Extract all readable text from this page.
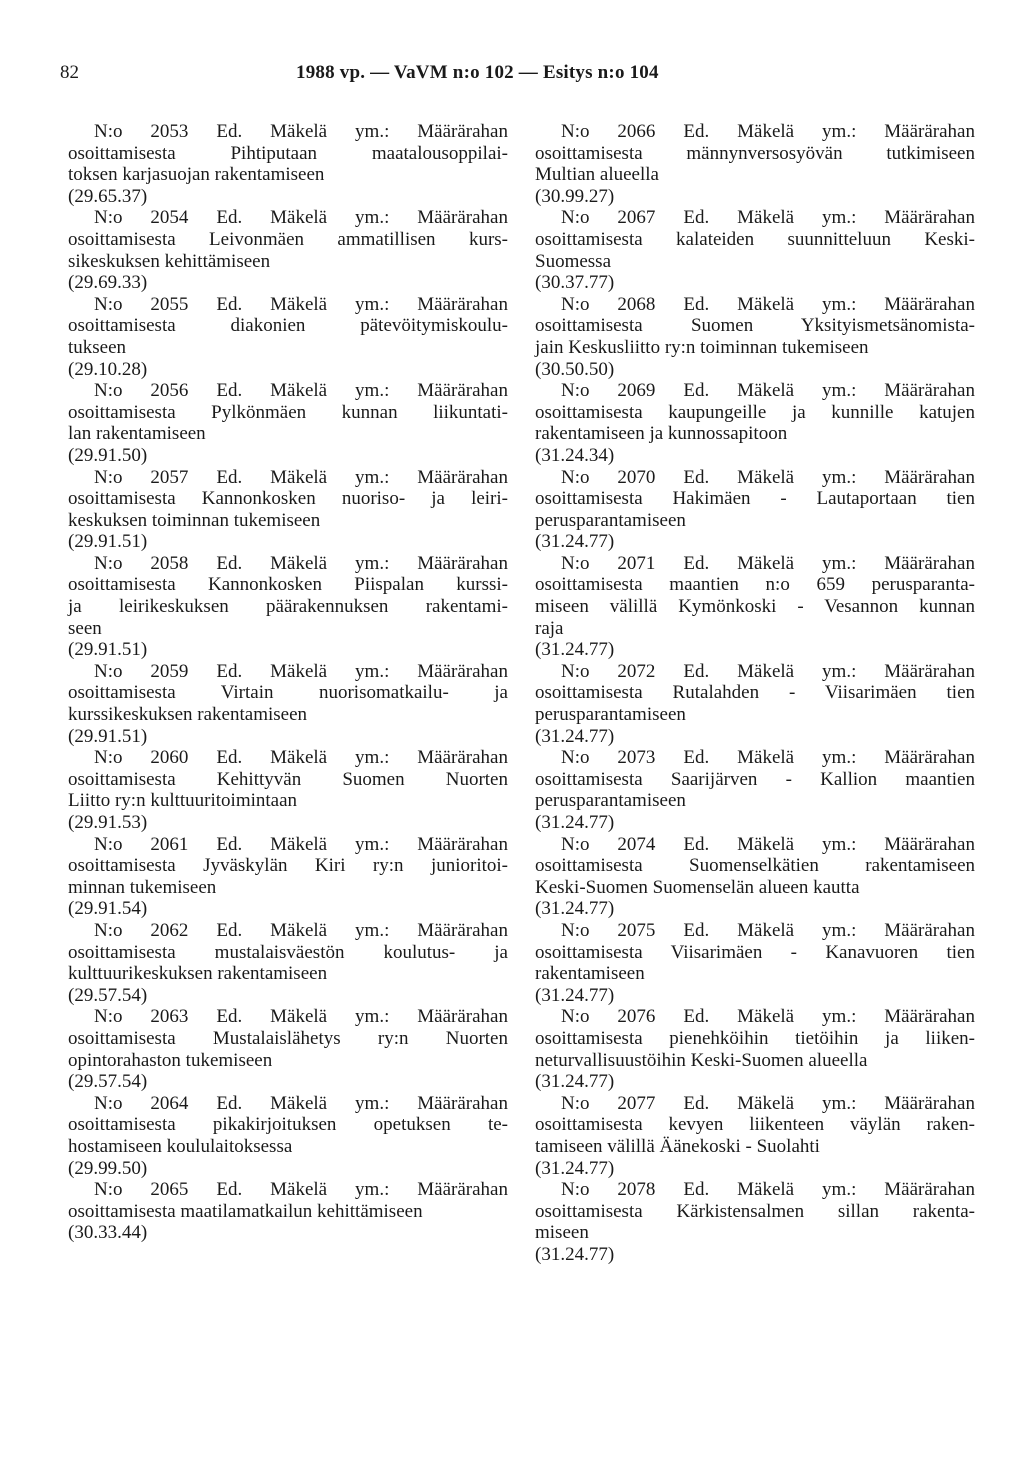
82	1988 vp. — VaVM n:o 102 — Esitys n:o 104
N:o 2053 Ed. Mäkelä ym.: Määrärahan
osoittamisesta Pihtiputaan maatalousoppilai-
toksen karjasuojan rakentamiseen
(29.65.37)
N:o 2054 Ed. Mäkelä ym.: Määrärahan
osoittamisesta Leivonmäen ammatillisen kurs-
sikeskuksen kehittämiseen
(29.69.33)
N:o 2055 Ed. Mäkelä ym.: Määrärahan
osoittamisesta diakonien pätevöitymiskoulu-
tukseen
(29.10.28)
N:o 2056 Ed. Mäkelä ym.: Määrärahan
osoittamisesta Pylkönmäen kunnan liikuntati-
lan rakentamiseen
(29.91.50)
N:o 2057 Ed. Mäkelä ym.: Määrärahan
osoittamisesta Kannonkosken nuoriso- ja leiri-
keskuksen toiminnan tukemiseen
(29.91.51)
N:o 2058 Ed. Mäkelä ym.: Määrärahan
osoittamisesta Kannonkosken Piispalan kurssi-
ja leirikeskuksen päärakennuksen rakentami-
seen
(29.91.51)
N:o 2059 Ed. Mäkelä ym.: Määrärahan
osoittamisesta Virtain nuorisomatkailu- ja
kurssikeskuksen rakentamiseen
(29.91.51)
N:o 2060 Ed. Mäkelä ym.: Määrärahan
osoittamisesta Kehittyvän Suomen Nuorten
Liitto ry:n kulttuuritoimintaan
(29.91.53)
N:o 2061 Ed. Mäkelä ym.: Määrärahan
osoittamisesta Jyväskylän Kiri ry:n junioritoi-
minnan tukemiseen
(29.91.54)
N:o 2062 Ed. Mäkelä ym.: Määrärahan
osoittamisesta mustalaisväestön koulutus- ja
kulttuurikeskuksen rakentamiseen
(29.57.54)
N:o 2063 Ed. Mäkelä ym.: Määrärahan
osoittamisesta Mustalaislähetys ry:n Nuorten
opintorahaston tukemiseen
(29.57.54)
N:o 2064 Ed. Mäkelä ym.: Määrärahan
osoittamisesta pikakirjoituksen opetuksen te-
hostamiseen koululaitoksessa
(29.99.50)
N:o 2065 Ed. Mäkelä ym.: Määrärahan
osoittamisesta maatilamatkailun kehittämiseen
(30.33.44)
N:o 2066 Ed. Mäkelä ym.: Määrärahan
osoittamisesta männynversosyövän tutkimiseen
Multian alueella
(30.99.27)
N:o 2067 Ed. Mäkelä ym.: Määrärahan
osoittamisesta kalateiden suunnitteluun Keski-
Suomessa
(30.37.77)
N:o 2068 Ed. Mäkelä ym.: Määrärahan
osoittamisesta Suomen Yksityismetsänomista-
jain Keskusliitto ry:n toiminnan tukemiseen
(30.50.50)
N:o 2069 Ed. Mäkelä ym.: Määrärahan
osoittamisesta kaupungeille ja kunnille katujen
rakentamiseen ja kunnossapitoon
(31.24.34)
N:o 2070 Ed. Mäkelä ym.: Määrärahan
osoittamisesta Hakimäen - Lautaportaan tien
perusparantamiseen
(31.24.77)
N:o 2071 Ed. Mäkelä ym.: Määrärahan
osoittamisesta maantien n:o 659 perusparanta-
miseen välillä Kymönkoski - Vesannon kunnan
raja
(31.24.77)
N:o 2072 Ed. Mäkelä ym.: Määrärahan
osoittamisesta Rutalahden - Viisarimäen tien
perusparantamiseen
(31.24.77)
N:o 2073 Ed. Mäkelä ym.: Määrärahan
osoittamisesta Saarijärven - Kallion maantien
perusparantamiseen
(31.24.77)
N:o 2074 Ed. Mäkelä ym.: Määrärahan
osoittamisesta Suomenselkätien rakentamiseen
Keski-Suomen Suomenselän alueen kautta
(31.24.77)
N:o 2075 Ed. Mäkelä ym.: Määrärahan
osoittamisesta Viisarimäen - Kanavuoren tien
rakentamiseen
(31.24.77)
N:o 2076 Ed. Mäkelä ym.: Määrärahan
osoittamisesta pienehköihin tietöihin ja liiken-
neturvallisuustöihin Keski-Suomen alueella
(31.24.77)
N:o 2077 Ed. Mäkelä ym.: Määrärahan
osoittamisesta kevyen liikenteen väylän raken-
tamiseen välillä Äänekoski - Suolahti
(31.24.77)
N:o 2078 Ed. Mäkelä ym.: Määrärahan
osoittamisesta Kärkistensalmen sillan rakenta-
miseen
(31.24.77)
